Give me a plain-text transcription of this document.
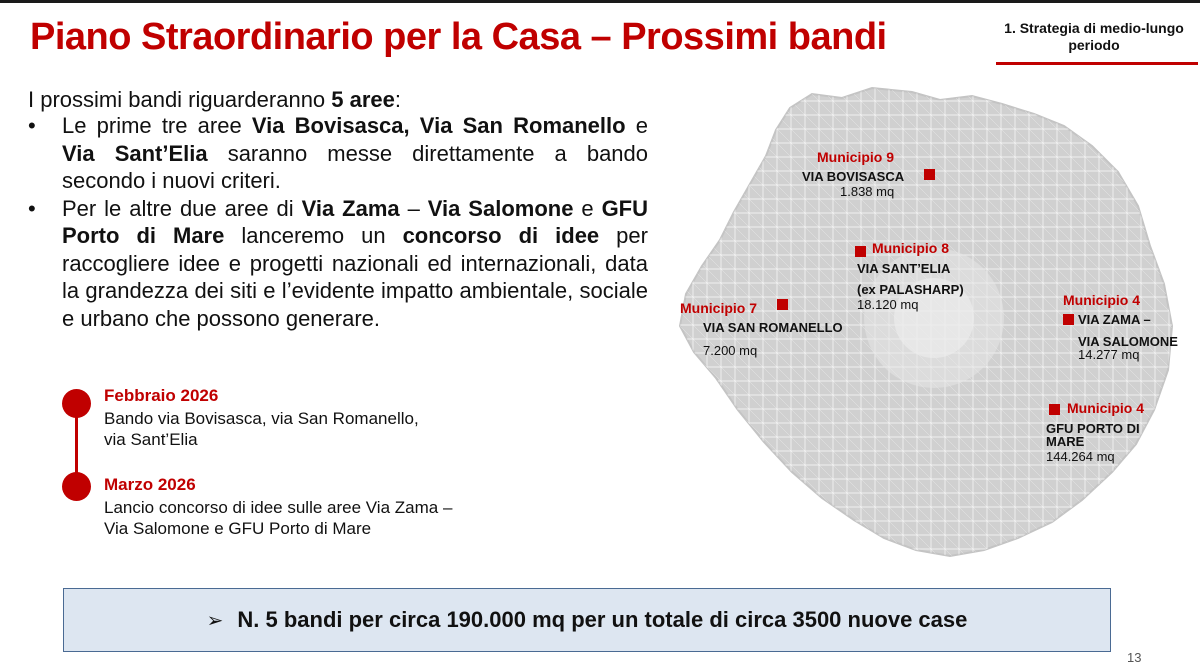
Piano Straordinario per la Casa – Prossimi bandi	1. Strategia di medio-lungo periodo
I prossimi bandi riguarderanno 5 aree:
• Le prime tre aree Via Bovisasca, Via San Romanello e Via Sant’Elia saranno messe direttamente a bando secondo i nuovi criteri.
• Per le altre due aree di Via Zama – Via Salomone e GFU Porto di Mare lanceremo un concorso di idee per raccogliere idee e progetti nazionali ed internazionali, data la grandezza dei siti e l’evidente impatto ambientale, sociale e urbano che possono generare.
Febbraio 2026
Bando via Bovisasca, via San Romanello,
via Sant’Elia
Marzo 2026
Lancio concorso di idee sulle aree Via Zama –
Via Salomone e GFU Porto di Mare
Municipio 9
VIA BOVISASCA
1.838 mq
Municipio 8
VIA SANT’ELIA
(ex PALASHARP)
18.120 mq
Municipio 7
VIA SAN ROMANELLO
7.200 mq
Municipio 4
VIA ZAMA –
VIA SALOMONE
14.277 mq
Municipio 4
GFU PORTO DI
MARE
144.264 mq
➢ N. 5 bandi per circa 190.000 mq per un totale di circa 3500 nuove case
13
